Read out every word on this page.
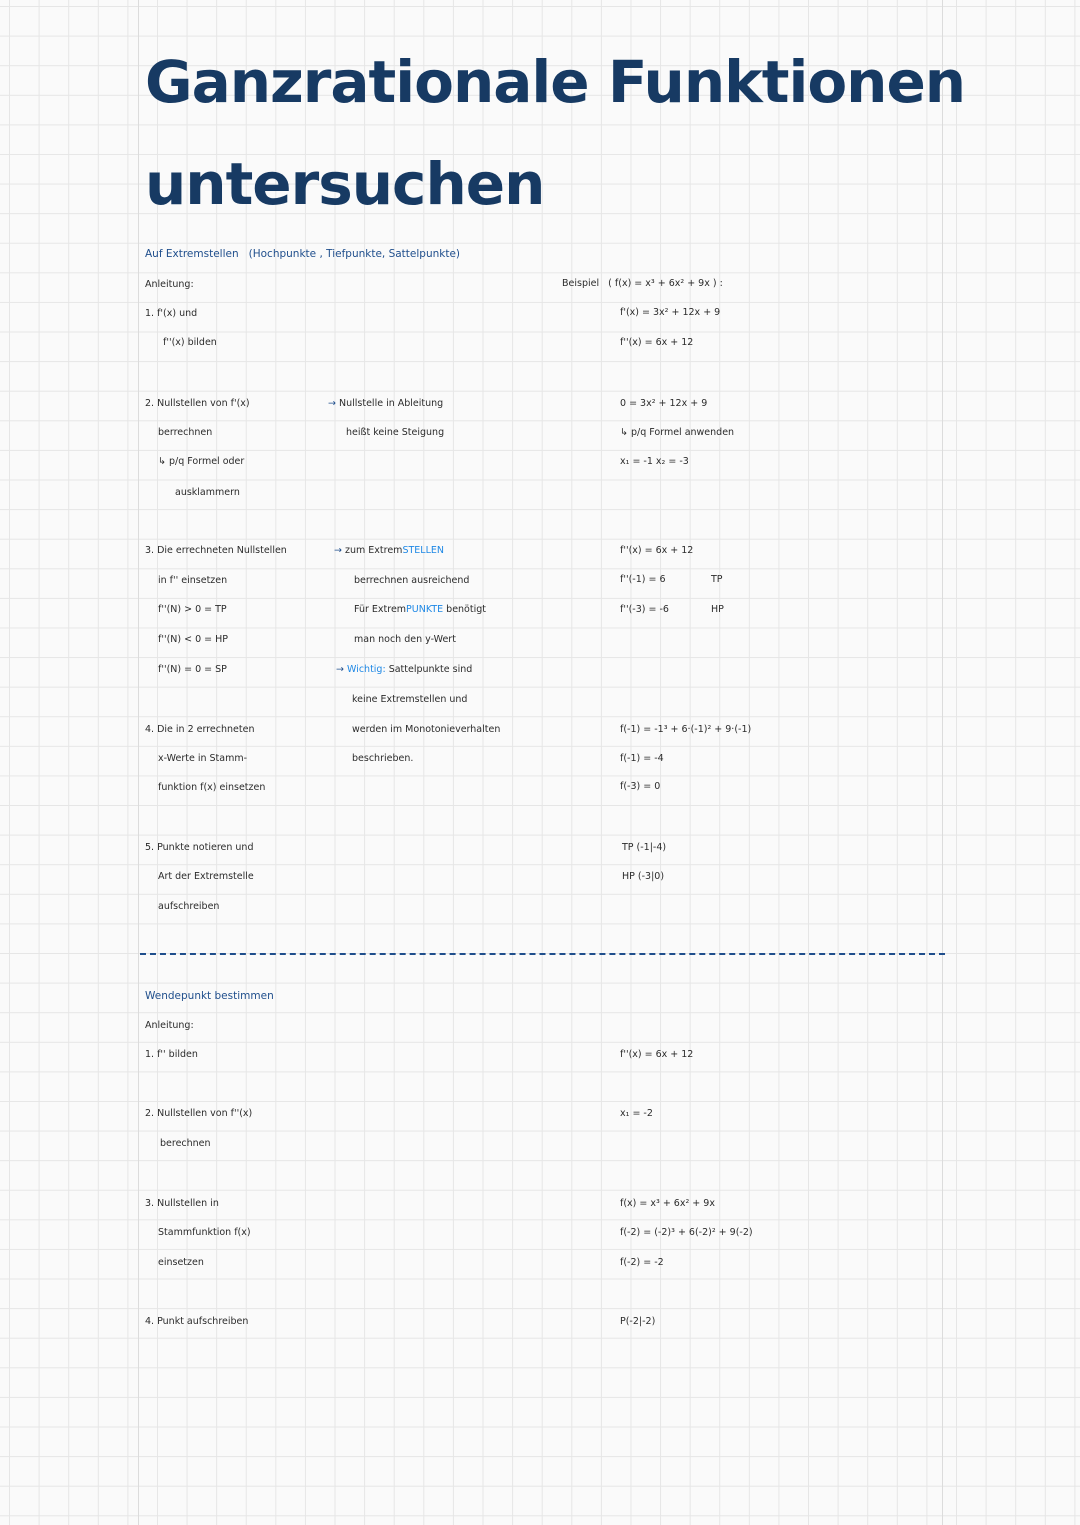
Ganzrationale Funktionen
untersuchen
Auf Extremstellen (Hochpunkte , Tiefpunkte, Sattelpunkte)
Anleitung:
1. f'(x) und
f''(x) bilden
2. Nullstellen von f'(x)
berrechnen
↳ p/q Formel oder
ausklammern
3. Die errechneten Nullstellen
in f'' einsetzen
f''(N) > 0 = TP
f''(N) < 0 = HP
f''(N) = 0 = SP
4. Die in 2 errechneten
x-Werte in Stamm-
funktion f(x) einsetzen
5. Punkte notieren und
Art der Extremstelle
aufschreiben
→ Nullstelle in Ableitung
heißt keine Steigung
→ zum ExtremSTELLEN
berrechnen ausreichend
Für ExtremPUNKTE benötigt
man noch den y-Wert
→ Wichtig: Sattelpunkte sind
keine Extremstellen und
werden im Monotonieverhalten
beschrieben.
Beispiel ( f(x) = x³ + 6x² + 9x ) :
f'(x) = 3x² + 12x + 9
f''(x) = 6x + 12
0 = 3x² + 12x + 9
↳ p/q Formel anwenden
x₁ = -1 x₂ = -3
f''(x) = 6x + 12
f''(-1) = 6	TP
f''(-3) = -6	HP
f(-1) = -1³ + 6·(-1)² + 9·(-1)
f(-1) = -4
f(-3) = 0
TP (-1|-4)
HP (-3|0)
Wendepunkt bestimmen
Anleitung:
1. f'' bilden
2. Nullstellen von f''(x)
berechnen
3. Nullstellen in
Stammfunktion f(x)
einsetzen
4. Punkt aufschreiben
f''(x) = 6x + 12
x₁ = -2
f(x) = x³ + 6x² + 9x
f(-2) = (-2)³ + 6(-2)² + 9(-2)
f(-2) = -2
P(-2|-2)
